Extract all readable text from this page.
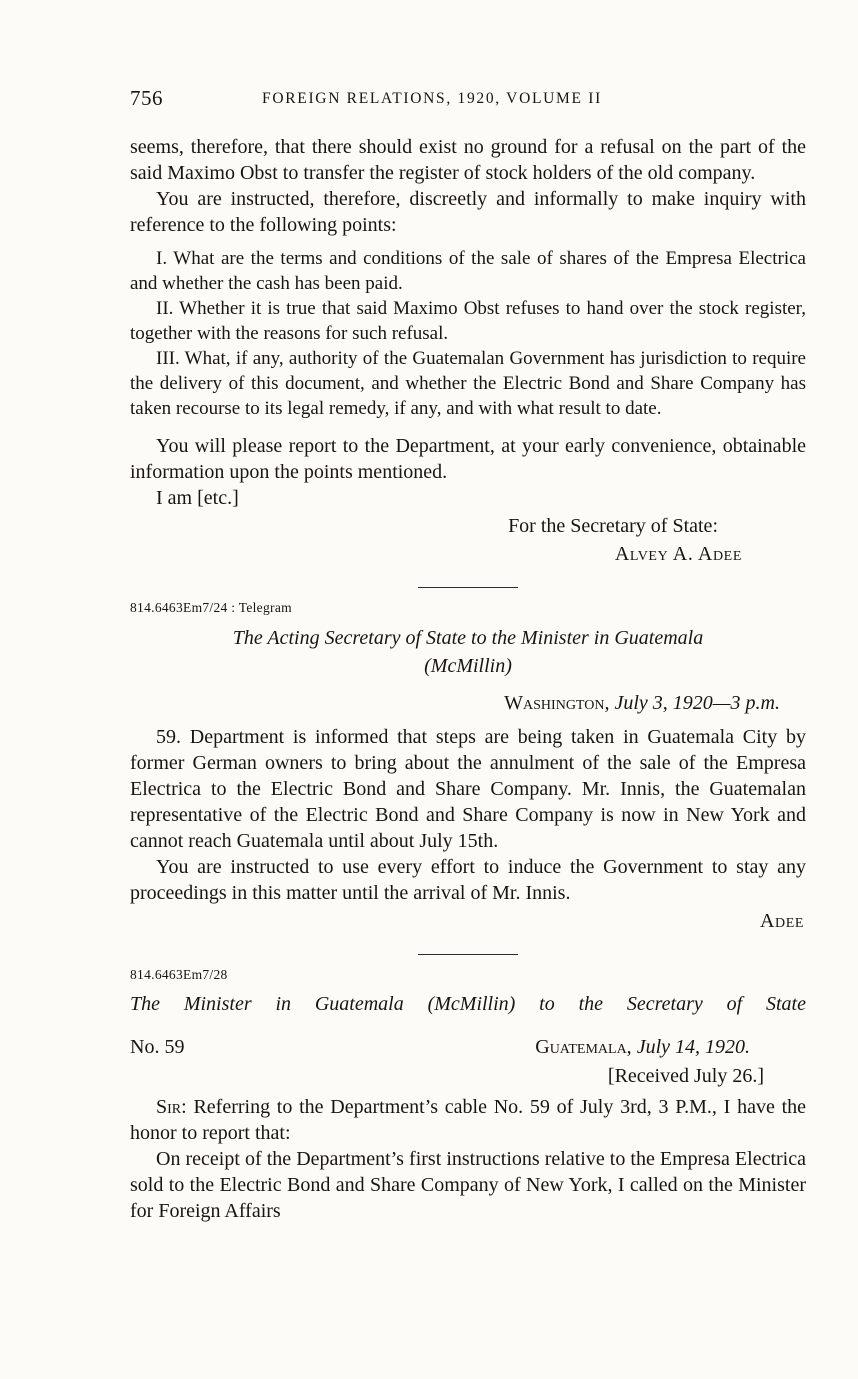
756	FOREIGN RELATIONS, 1920, VOLUME II

seems, therefore, that there should exist no ground for a refusal on the part of the said Maximo Obst to transfer the register of stock holders of the old company.

You are instructed, therefore, discreetly and informally to make inquiry with reference to the following points:

I. What are the terms and conditions of the sale of shares of the Empresa Electrica and whether the cash has been paid.

II. Whether it is true that said Maximo Obst refuses to hand over the stock register, together with the reasons for such refusal.

III. What, if any, authority of the Guatemalan Government has jurisdiction to require the delivery of this document, and whether the Electric Bond and Share Company has taken recourse to its legal remedy, if any, and with what result to date.

You will please report to the Department, at your early convenience, obtainable information upon the points mentioned.

I am [etc.]

For the Secretary of State:

Alvey A. Adee

814.6463Em7/24 : Telegram

The Acting Secretary of State to the Minister in Guatemala
(McMillin)

Washington, July 3, 1920—3 p.m.

59. Department is informed that steps are being taken in Guatemala City by former German owners to bring about the annulment of the sale of the Empresa Electrica to the Electric Bond and Share Company. Mr. Innis, the Guatemalan representative of the Electric Bond and Share Company is now in New York and cannot reach Guatemala until about July 15th.

You are instructed to use every effort to induce the Government to stay any proceedings in this matter until the arrival of Mr. Innis.

Adee

814.6463Em7/28

The Minister in Guatemala (McMillin) to the Secretary of State

No. 59	Guatemala, July 14, 1920.

[Received July 26.]

Sir: Referring to the Department’s cable No. 59 of July 3rd, 3 P.M., I have the honor to report that:

On receipt of the Department’s first instructions relative to the Empresa Electrica sold to the Electric Bond and Share Company of New York, I called on the Minister for Foreign Affairs
